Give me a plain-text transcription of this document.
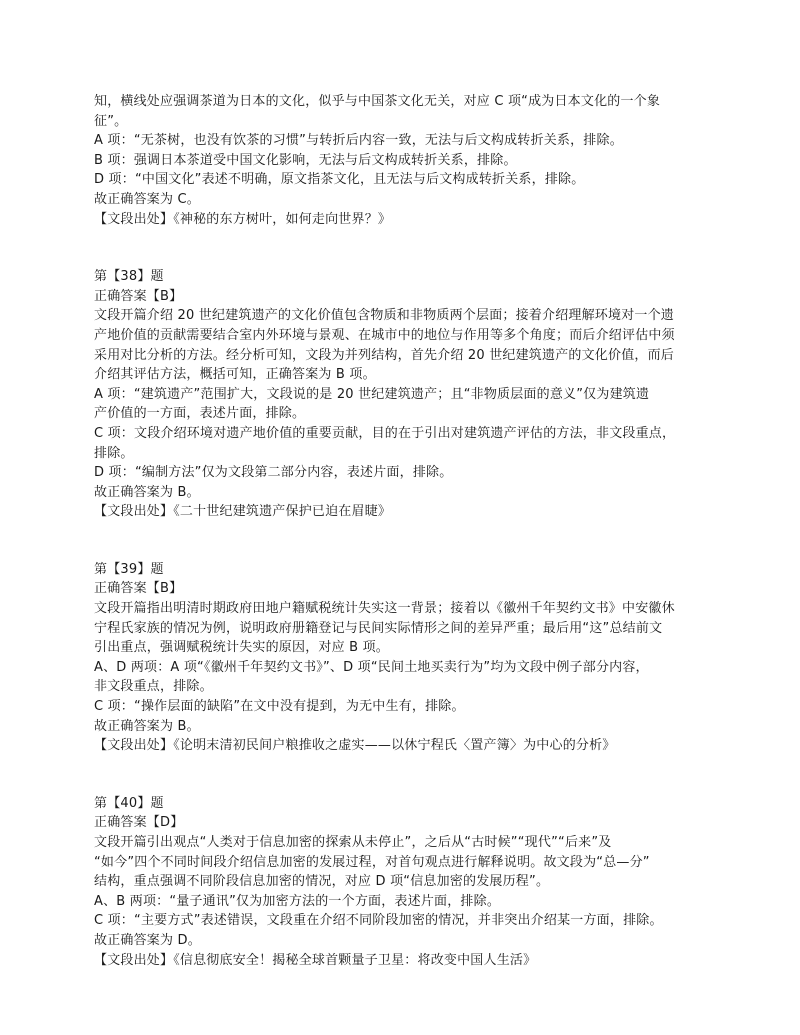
知，横线处应强调茶道为日本的文化，似乎与中国茶文化无关，对应 C 项“成为日本文化的一个象
征”。
A 项：“无茶树，也没有饮茶的习惯”与转折后内容一致，无法与后文构成转折关系，排除。
B 项：强调日本茶道受中国文化影响，无法与后文构成转折关系，排除。
D 项：“中国文化”表述不明确，原文指茶文化，且无法与后文构成转折关系，排除。
故正确答案为 C。
【文段出处】《神秘的东方树叶，如何走向世界？》
第【38】题
正确答案【B】
文段开篇介绍 20 世纪建筑遗产的文化价值包含物质和非物质两个层面；接着介绍理解环境对一个遗
产地价值的贡献需要结合室内外环境与景观、在城市中的地位与作用等多个角度；而后介绍评估中须
采用对比分析的方法。经分析可知，文段为并列结构，首先介绍 20 世纪建筑遗产的文化价值，而后
介绍其评估方法，概括可知，正确答案为 B 项。
A 项：“建筑遗产”范围扩大，文段说的是 20 世纪建筑遗产；且“非物质层面的意义”仅为建筑遗
产价值的一方面，表述片面，排除。
C 项：文段介绍环境对遗产地价值的重要贡献，目的在于引出对建筑遗产评估的方法，非文段重点，
排除。
D 项：“编制方法”仅为文段第二部分内容，表述片面，排除。
故正确答案为 B。
【文段出处】《二十世纪建筑遗产保护已迫在眉睫》
第【39】题
正确答案【B】
文段开篇指出明清时期政府田地户籍赋税统计失实这一背景；接着以《徽州千年契约文书》中安徽休
宁程氏家族的情况为例，说明政府册籍登记与民间实际情形之间的差异严重；最后用“这”总结前文
引出重点，强调赋税统计失实的原因，对应 B 项。
A、D 两项：A 项“《徽州千年契约文书》”、D 项“民间土地买卖行为”均为文段中例子部分内容，
非文段重点，排除。
C 项：“操作层面的缺陷”在文中没有提到，为无中生有，排除。
故正确答案为 B。
【文段出处】《论明末清初民间户粮推收之虚实——以休宁程氏〈置产簿〉为中心的分析》
第【40】题
正确答案【D】
文段开篇引出观点“人类对于信息加密的探索从未停止”，之后从“古时候”“现代”“后来”及
“如今”四个不同时间段介绍信息加密的发展过程，对首句观点进行解释说明。故文段为“总—分”
结构，重点强调不同阶段信息加密的情况，对应 D 项“信息加密的发展历程”。
A、B 两项：“量子通讯”仅为加密方法的一个方面，表述片面，排除。
C 项：“主要方式”表述错误，文段重在介绍不同阶段加密的情况，并非突出介绍某一方面，排除。
故正确答案为 D。
【文段出处】《信息彻底安全！揭秘全球首颗量子卫星：将改变中国人生活》
